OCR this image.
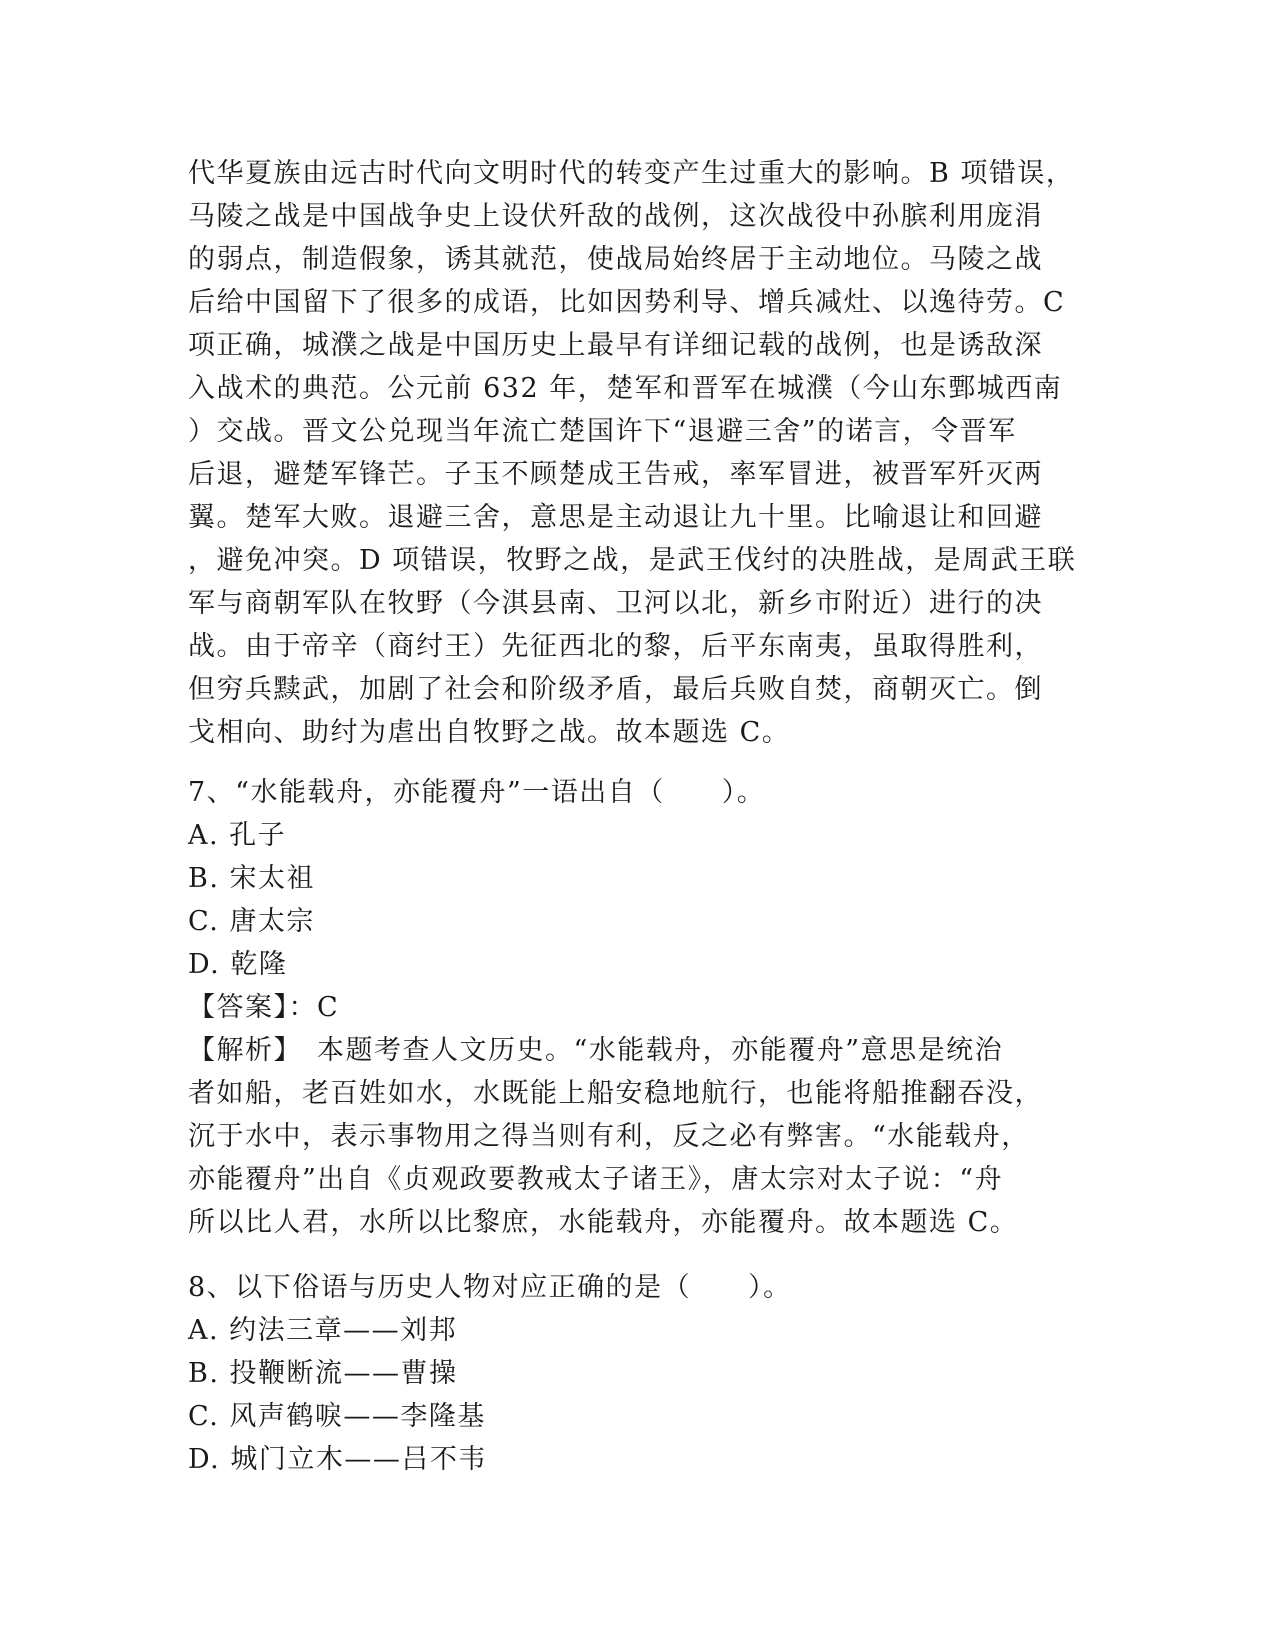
代华夏族由远古时代向文明时代的转变产生过重大的影响。B 项错误，
马陵之战是中国战争史上设伏歼敌的战例，这次战役中孙膑利用庞涓
的弱点，制造假象，诱其就范，使战局始终居于主动地位。马陵之战
后给中国留下了很多的成语，比如因势利导、增兵减灶、以逸待劳。C
项正确，城濮之战是中国历史上最早有详细记载的战例，也是诱敌深
入战术的典范。公元前 632 年，楚军和晋军在城濮（今山东鄄城西南
）交战。晋文公兑现当年流亡楚国许下“退避三舍”的诺言，令晋军
后退，避楚军锋芒。子玉不顾楚成王告戒，率军冒进，被晋军歼灭两
翼。楚军大败。退避三舍，意思是主动退让九十里。比喻退让和回避
，避免冲突。D 项错误，牧野之战，是武王伐纣的决胜战，是周武王联
军与商朝军队在牧野（今淇县南、卫河以北，新乡市附近）进行的决
战。由于帝辛（商纣王）先征西北的黎，后平东南夷，虽取得胜利，
但穷兵黩武，加剧了社会和阶级矛盾，最后兵败自焚，商朝灭亡。倒
戈相向、助纣为虐出自牧野之战。故本题选 C。
7、“水能载舟，亦能覆舟”一语出自（　　）。
A. 孔子
B. 宋太祖
C. 唐太宗
D. 乾隆
【答案】：C
【解析】　本题考查人文历史。“水能载舟，亦能覆舟”意思是统治
者如船，老百姓如水，水既能上船安稳地航行，也能将船推翻吞没，
沉于水中，表示事物用之得当则有利，反之必有弊害。“水能载舟，
亦能覆舟”出自《贞观政要教戒太子诸王》，唐太宗对太子说：“舟
所以比人君，水所以比黎庶，水能载舟，亦能覆舟。故本题选 C。
8、以下俗语与历史人物对应正确的是（　　）。
A. 约法三章——刘邦
B. 投鞭断流——曹操
C. 风声鹤唳——李隆基
D. 城门立木——吕不韦
